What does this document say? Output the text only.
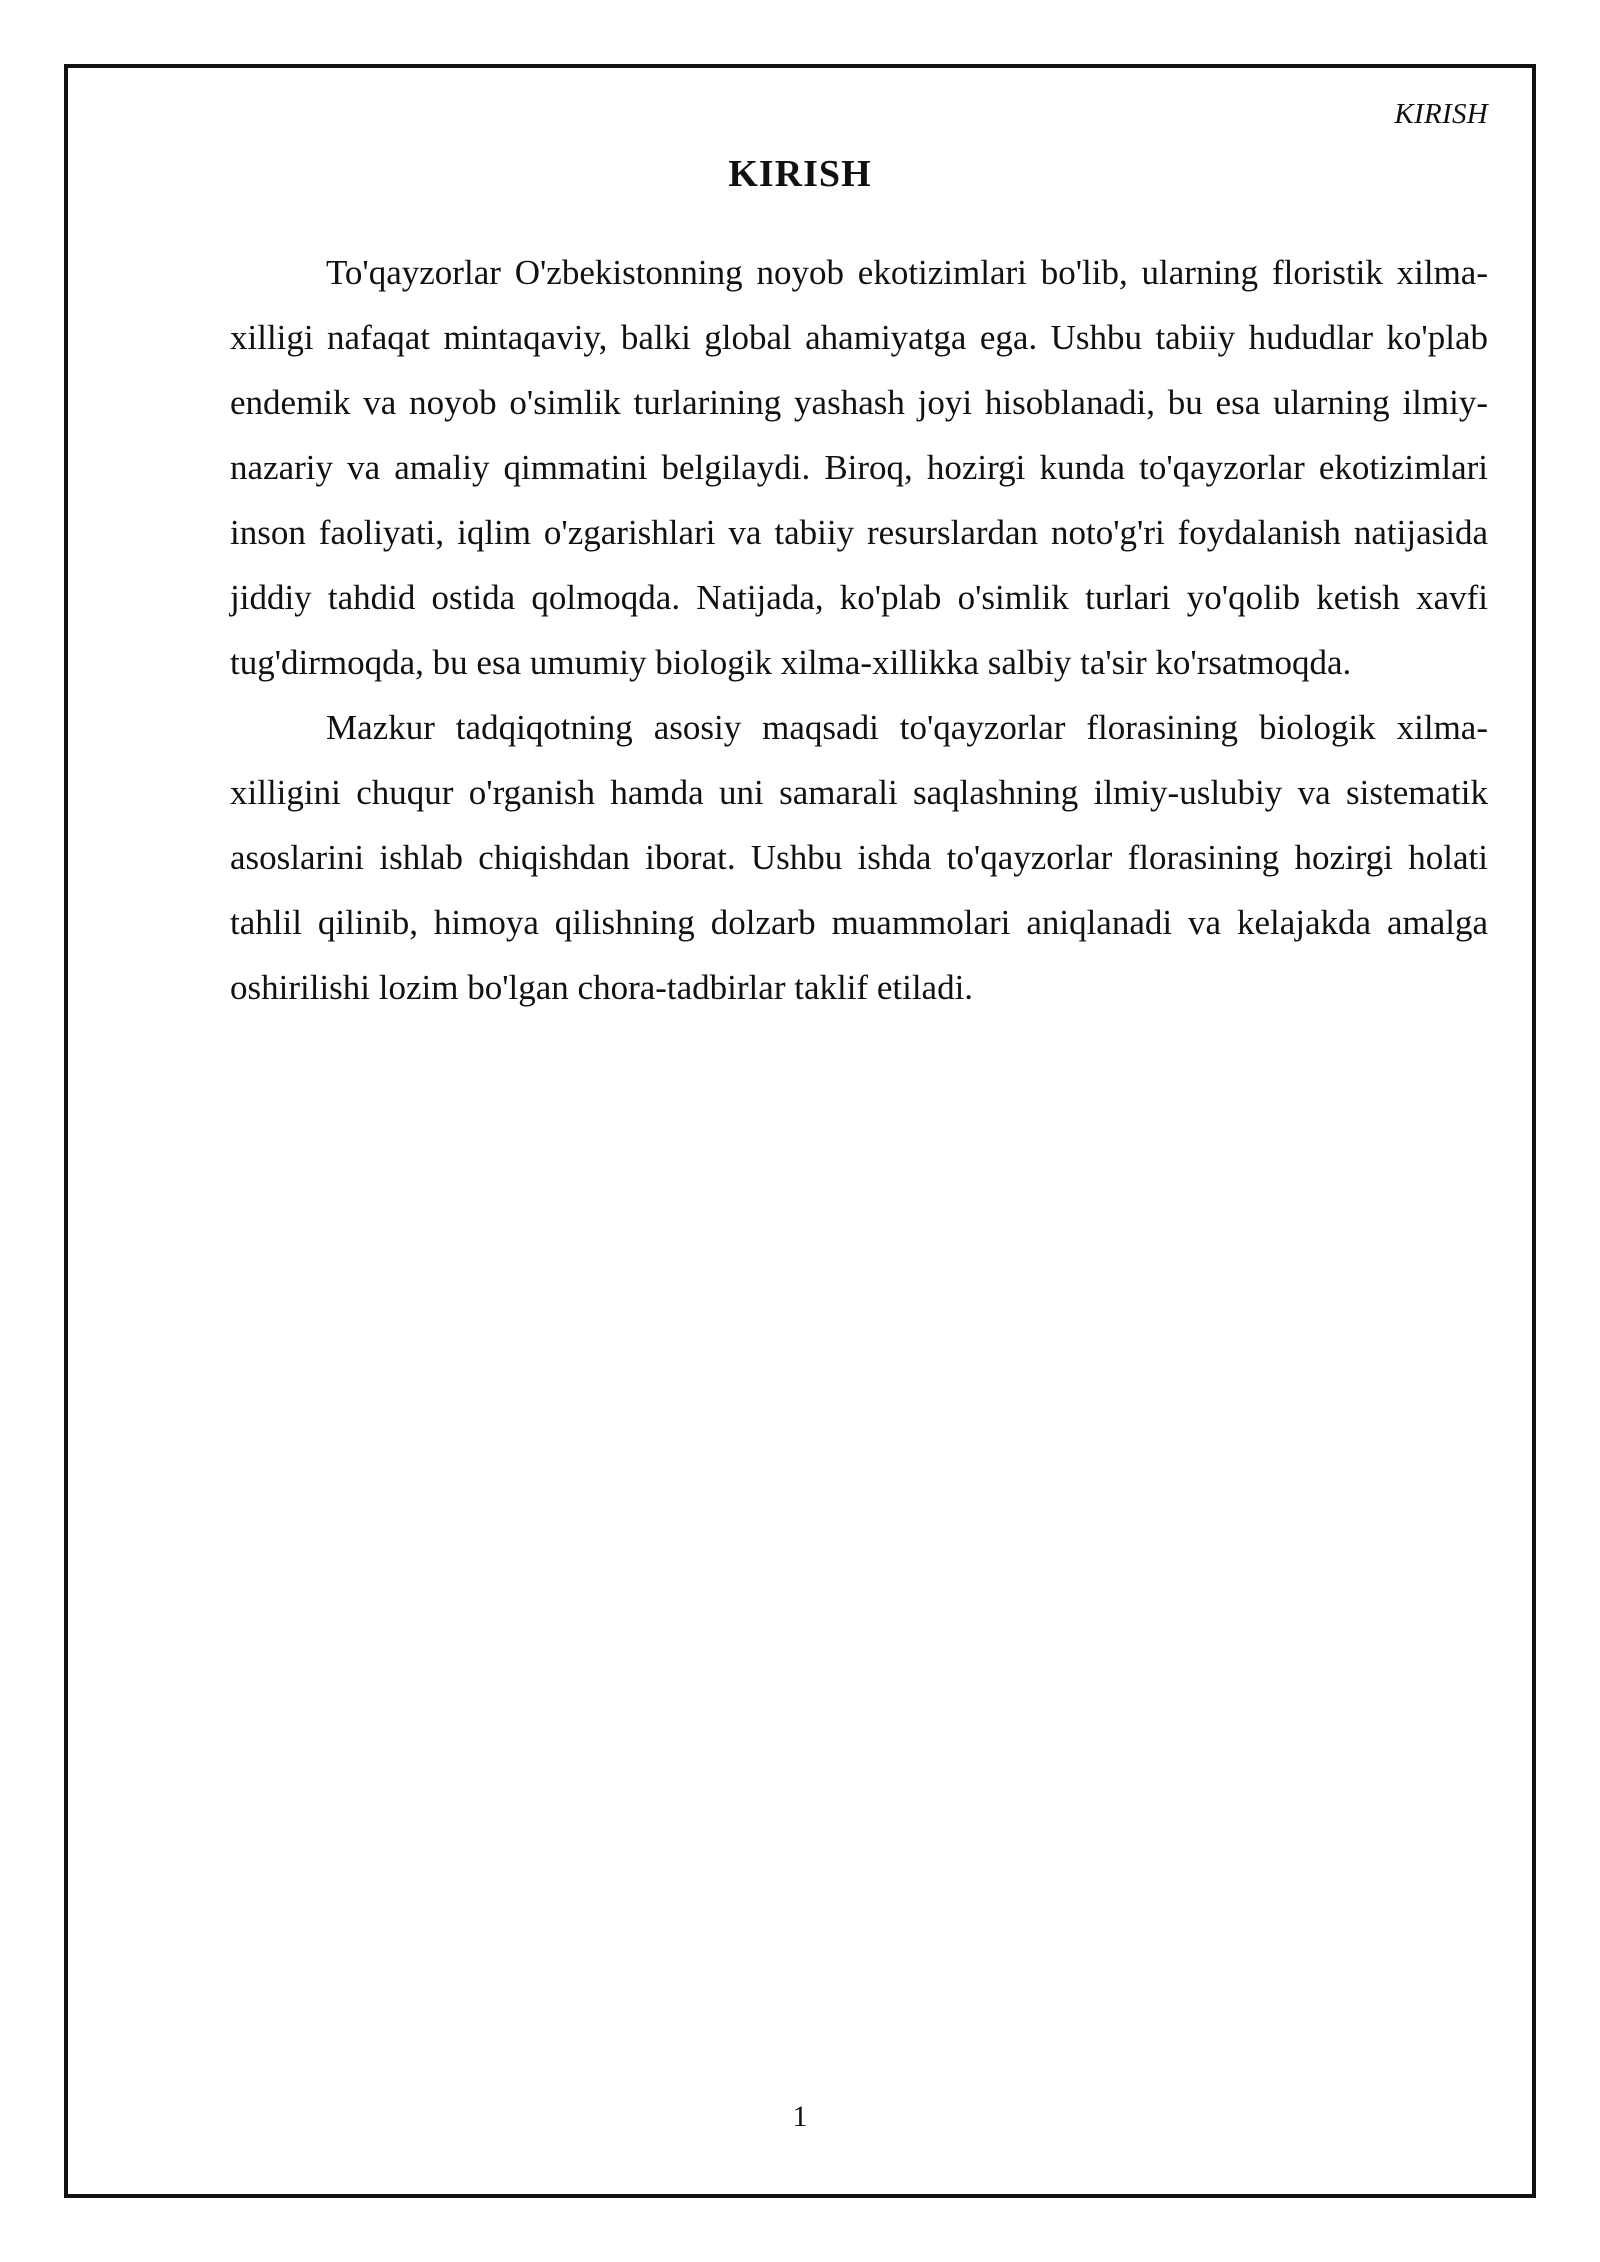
KIRISH
KIRISH

To'qayzorlar O'zbekistonning noyob ekotizimlari bo'lib, ularning floristik xilma-xilligi nafaqat mintaqaviy, balki global ahamiyatga ega. Ushbu tabiiy hududlar ko'plab endemik va noyob o'simlik turlarining yashash joyi hisoblanadi, bu esa ularning ilmiy-nazariy va amaliy qimmatini belgilaydi. Biroq, hozirgi kunda to'qayzorlar ekotizimlari inson faoliyati, iqlim o'zgarishlari va tabiiy resurslardan noto'g'ri foydalanish natijasida jiddiy tahdid ostida qolmoqda. Natijada, ko'plab o'simlik turlari yo'qolib ketish xavfi tug'dirmoqda, bu esa umumiy biologik xilma-xillikka salbiy ta'sir ko'rsatmoqda.

Mazkur tadqiqotning asosiy maqsadi to'qayzorlar florasining biologik xilma-xilligini chuqur o'rganish hamda uni samarali saqlashning ilmiy-uslubiy va sistematik asoslarini ishlab chiqishdan iborat. Ushbu ishda to'qayzorlar florasining hozirgi holati tahlil qilinib, himoya qilishning dolzarb muammolari aniqlanadi va kelajakda amalga oshirilishi lozim bo'lgan chora-tadbirlar taklif etiladi.

1
